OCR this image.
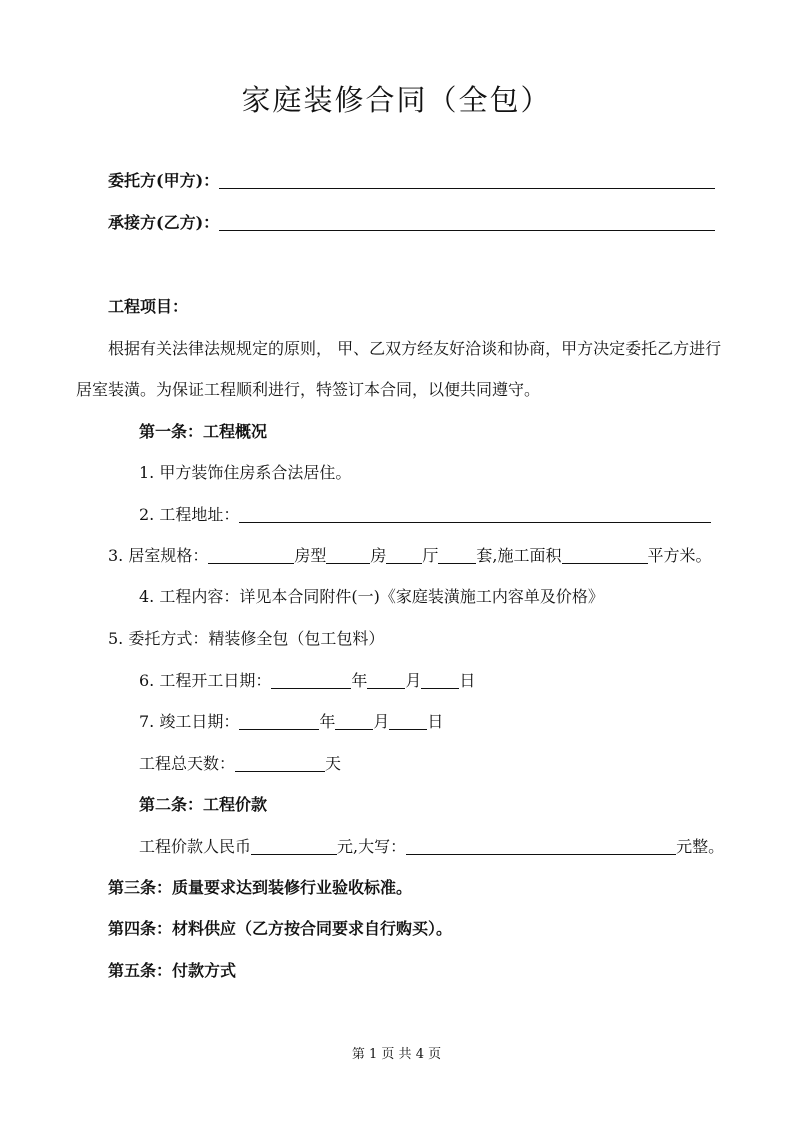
家庭装修合同（全包）
委托方(甲方)：
承接方(乙方)：
工程项目：
根据有关法律法规规定的原则， 甲、乙双方经友好洽谈和协商，甲方决定委托乙方进行
居室装潢。为保证工程顺利进行，特签订本合同，以便共同遵守。
第一条：工程概况
1. 甲方装饰住房系合法居住。
2. 工程地址：
3. 居室规格：	房型	房 厅 套,施工面积	平方米。
4. 工程内容：详见本合同附件(一)《家庭装潢施工内容单及价格》
5. 委托方式：精装修全包（包工包料）
6. 工程开工日期：	年 月 日
7. 竣工日期：	年 月 日
工程总天数：	天
第二条：工程价款
工程价款人民币	元,大写：	元整。
第三条：质量要求达到装修行业验收标准。
第四条：材料供应（乙方按合同要求自行购买）。
第五条：付款方式
第 1 页 共 4 页
